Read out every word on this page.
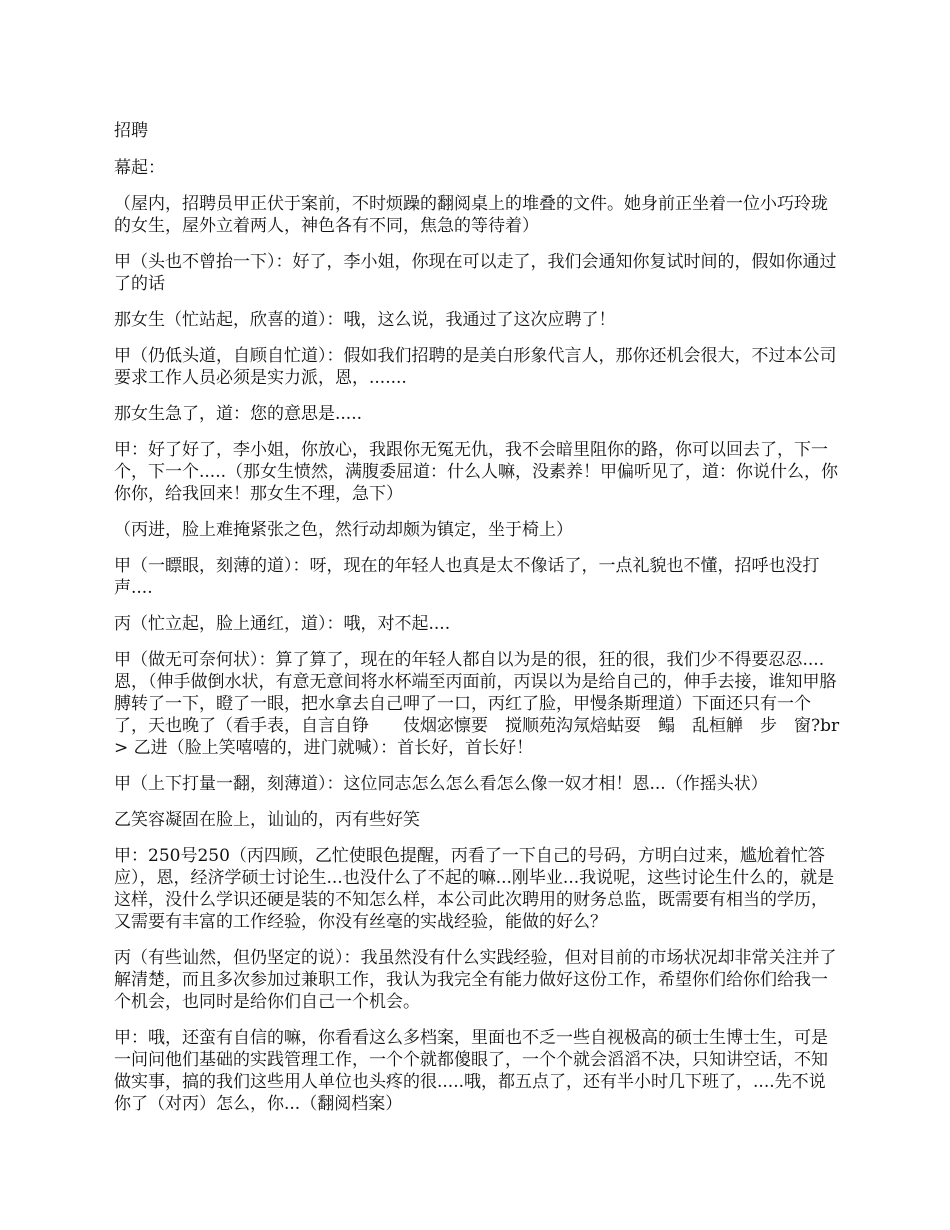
招聘

幕起：

（屋内，招聘员甲正伏于案前，不时烦躁的翻阅桌上的堆叠的文件。她身前正坐着一位小巧玲珑的女生，屋外立着两人，神色各有不同，焦急的等待着）

甲（头也不曾抬一下）：好了，李小姐，你现在可以走了，我们会通知你复试时间的，假如你通过了的话

那女生（忙站起，欣喜的道）：哦，这么说，我通过了这次应聘了！

甲（仍低头道，自顾自忙道）：假如我们招聘的是美白形象代言人，那你还机会很大，不过本公司要求工作人员必须是实力派，恩，.......

那女生急了，道：您的意思是.....

甲：好了好了，李小姐，你放心，我跟你无冤无仇，我不会暗里阻你的路，你可以回去了，下一个，下一个.....（那女生愤然，满腹委屈道：什么人嘛，没素养！甲偏听见了，道：你说什么，你你你，给我回来！那女生不理，急下）

（丙进，脸上难掩紧张之色，然行动却颇为镇定，坐于椅上）

甲（一瞟眼，刻薄的道）：呀，现在的年轻人也真是太不像话了，一点礼貌也不懂，招呼也没打声....

丙（忙立起，脸上通红，道）：哦，对不起....

甲（做无可奈何状）：算了算了，现在的年轻人都自以为是的很，狂的很，我们少不得要忍忍....恩，（伸手做倒水状，有意无意间将水杯端至丙面前，丙误以为是给自己的，伸手去接，谁知甲胳膊转了一下，瞪了一眼，把水拿去自己呷了一口，丙红了脸，甲慢条斯理道）下面还只有一个了，天也晚了（看手表，自言自铮　　伎烟宓懔要　搅顺苑沟氖焙蛄耍　鳎　乱桓觯　步　窗?br> 乙进（脸上笑嘻嘻的，进门就喊）：首长好，首长好！

甲（上下打量一翻，刻薄道）：这位同志怎么怎么看怎么像一奴才相！恩...（作摇头状）

乙笑容凝固在脸上，讪讪的，丙有些好笑

甲：250号250（丙四顾，乙忙使眼色提醒，丙看了一下自己的号码，方明白过来，尴尬着忙答应），恩，经济学硕士讨论生...也没什么了不起的嘛...刚毕业...我说呢，这些讨论生什么的，就是这样，没什么学识还硬是装的不知怎么样，本公司此次聘用的财务总监，既需要有相当的学历，又需要有丰富的工作经验，你没有丝毫的实战经验，能做的好么？

丙（有些讪然，但仍坚定的说）：我虽然没有什么实践经验，但对目前的市场状况却非常关注并了解清楚，而且多次参加过兼职工作，我认为我完全有能力做好这份工作，希望你们给你们给我一个机会，也同时是给你们自己一个机会。

甲：哦，还蛮有自信的嘛，你看看这么多档案，里面也不乏一些自视极高的硕士生博士生，可是一问问他们基础的实践管理工作，一个个就都傻眼了，一个个就会滔滔不决，只知讲空话，不知做实事，搞的我们这些用人单位也头疼的很.....哦，都五点了，还有半小时几下班了，....先不说你了（对丙）怎么，你...（翻阅档案）
